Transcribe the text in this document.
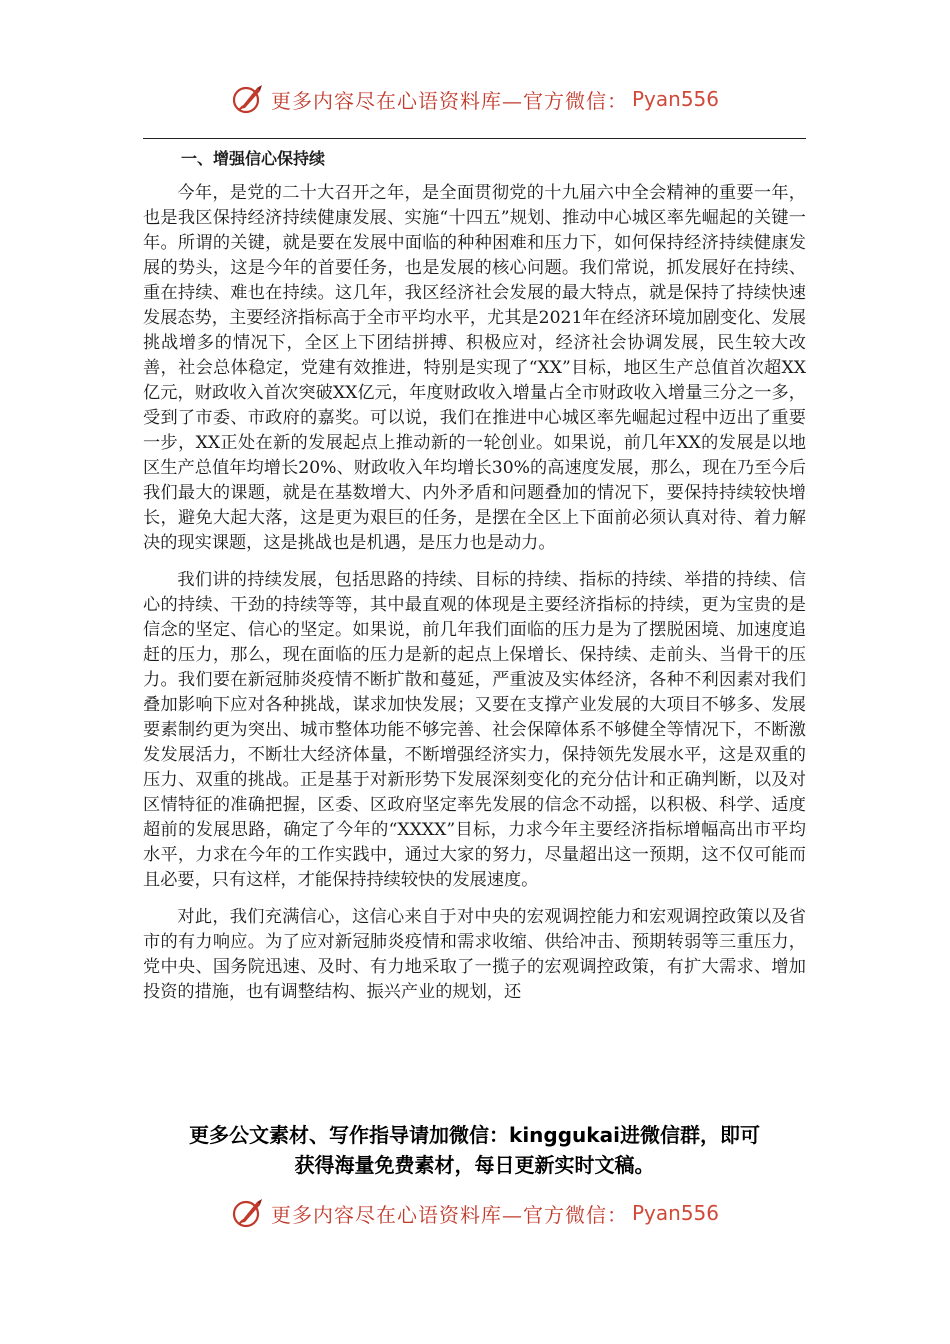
更多内容尽在心语资料库—官方微信： Pyan556
一、增强信心保持续

今年，是党的二十大召开之年，是全面贯彻党的十九届六中全会精神的重要一年，也是我区保持经济持续健康发展、实施“十四五”规划、推动中心城区率先崛起的关键一年。所谓的关键，就是要在发展中面临的种种困难和压力下，如何保持经济持续健康发展的势头，这是今年的首要任务，也是发展的核心问题。我们常说，抓发展好在持续、重在持续、难也在持续。这几年，我区经济社会发展的最大特点，就是保持了持续快速发展态势，主要经济指标高于全市平均水平，尤其是2021年在经济环境加剧变化、发展挑战增多的情况下，全区上下团结拼搏、积极应对，经济社会协调发展，民生较大改善，社会总体稳定，党建有效推进，特别是实现了“XX”目标，地区生产总值首次超XX亿元，财政收入首次突破XX亿元，年度财政收入增量占全市财政收入增量三分之一多，受到了市委、市政府的嘉奖。可以说，我们在推进中心城区率先崛起过程中迈出了重要一步，XX正处在新的发展起点上推动新的一轮创业。如果说，前几年XX的发展是以地区生产总值年均增长20%、财政收入年均增长30%的高速度发展，那么，现在乃至今后我们最大的课题，就是在基数增大、内外矛盾和问题叠加的情况下，要保持持续较快增长，避免大起大落，这是更为艰巨的任务，是摆在全区上下面前必须认真对待、着力解决的现实课题，这是挑战也是机遇，是压力也是动力。

我们讲的持续发展，包括思路的持续、目标的持续、指标的持续、举措的持续、信心的持续、干劲的持续等等，其中最直观的体现是主要经济指标的持续，更为宝贵的是信念的坚定、信心的坚定。如果说，前几年我们面临的压力是为了摆脱困境、加速度追赶的压力，那么，现在面临的压力是新的起点上保增长、保持续、走前头、当骨干的压力。我们要在新冠肺炎疫情不断扩散和蔓延，严重波及实体经济，各种不利因素对我们叠加影响下应对各种挑战，谋求加快发展；又要在支撑产业发展的大项目不够多、发展要素制约更为突出、城市整体功能不够完善、社会保障体系不够健全等情况下，不断激发发展活力，不断壮大经济体量，不断增强经济实力，保持领先发展水平，这是双重的压力、双重的挑战。正是基于对新形势下发展深刻变化的充分估计和正确判断，以及对区情特征的准确把握，区委、区政府坚定率先发展的信念不动摇，以积极、科学、适度超前的发展思路，确定了今年的“XXXX”目标，力求今年主要经济指标增幅高出市平均水平，力求在今年的工作实践中，通过大家的努力，尽量超出这一预期，这不仅可能而且必要，只有这样，才能保持持续较快的发展速度。

对此，我们充满信心，这信心来自于对中央的宏观调控能力和宏观调控政策以及省市的有力响应。为了应对新冠肺炎疫情和需求收缩、供给冲击、预期转弱等三重压力，党中央、国务院迅速、及时、有力地采取了一揽子的宏观调控政策，有扩大需求、增加投资的措施，也有调整结构、振兴产业的规划，还

更多公文素材、写作指导请加微信：kinggukai进微信群，即可
获得海量免费素材，每日更新实时文稿。
更多内容尽在心语资料库—官方微信： Pyan556
